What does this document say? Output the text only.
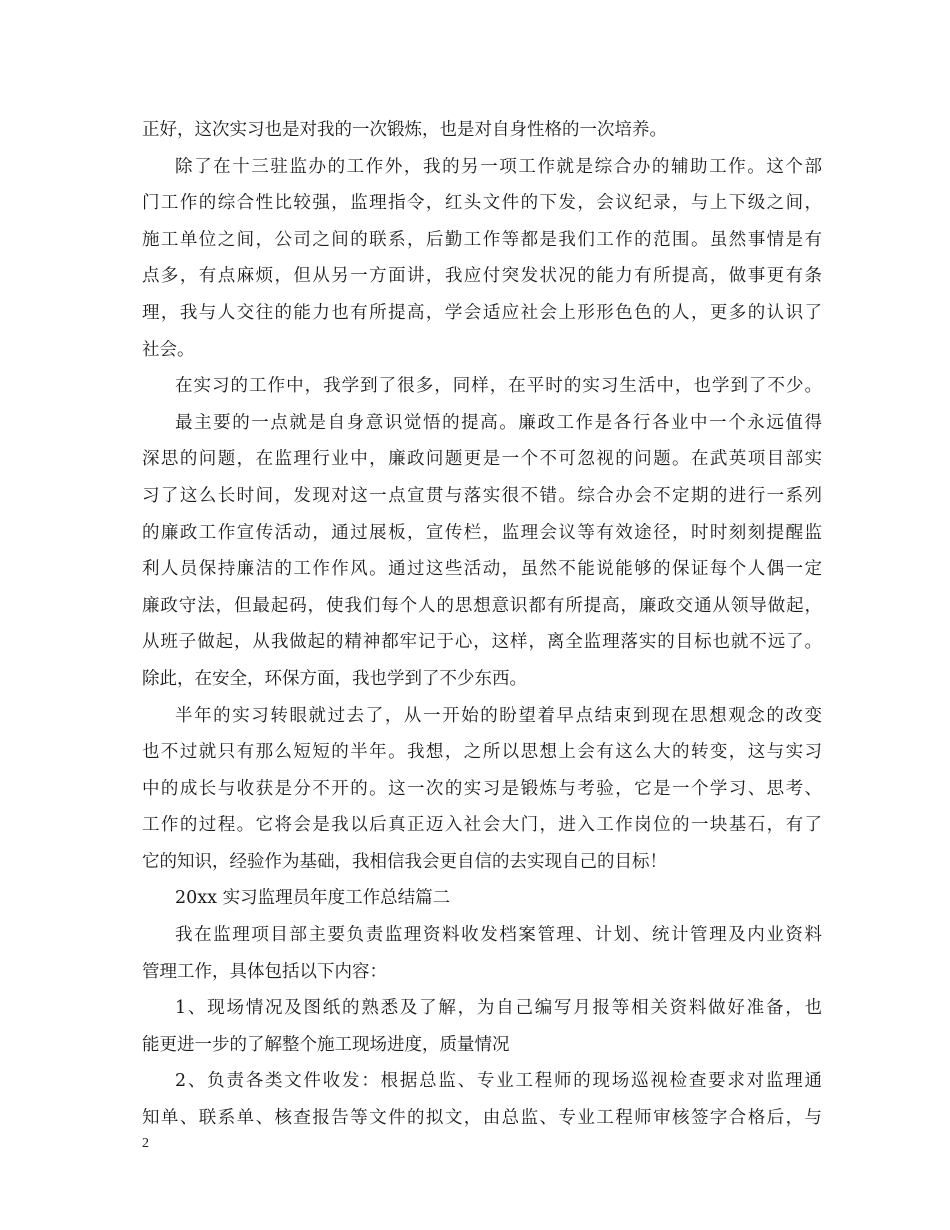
正好，这次实习也是对我的一次锻炼，也是对自身性格的一次培养。
除了在十三驻监办的工作外，我的另一项工作就是综合办的辅助工作。这个部
门工作的综合性比较强，监理指令，红头文件的下发，会议纪录，与上下级之间，
施工单位之间，公司之间的联系，后勤工作等都是我们工作的范围。虽然事情是有
点多，有点麻烦，但从另一方面讲，我应付突发状况的能力有所提高，做事更有条
理，我与人交往的能力也有所提高，学会适应社会上形形色色的人，更多的认识了
社会。
在实习的工作中，我学到了很多，同样，在平时的实习生活中，也学到了不少。
最主要的一点就是自身意识觉悟的提高。廉政工作是各行各业中一个永远值得
深思的问题，在监理行业中，廉政问题更是一个不可忽视的问题。在武英项目部实
习了这么长时间，发现对这一点宣贯与落实很不错。综合办会不定期的进行一系列
的廉政工作宣传活动，通过展板，宣传栏，监理会议等有效途径，时时刻刻提醒监
利人员保持廉洁的工作作风。通过这些活动，虽然不能说能够的保证每个人偶一定
廉政守法，但最起码，使我们每个人的思想意识都有所提高，廉政交通从领导做起，
从班子做起，从我做起的精神都牢记于心，这样，离全监理落实的目标也就不远了。
除此，在安全，环保方面，我也学到了不少东西。
半年的实习转眼就过去了，从一开始的盼望着早点结束到现在思想观念的改变
也不过就只有那么短短的半年。我想，之所以思想上会有这么大的转变，这与实习
中的成长与收获是分不开的。这一次的实习是锻炼与考验，它是一个学习、思考、
工作的过程。它将会是我以后真正迈入社会大门，进入工作岗位的一块基石，有了
它的知识，经验作为基础，我相信我会更自信的去实现自己的目标！
20xx 实习监理员年度工作总结篇二
我在监理项目部主要负责监理资料收发档案管理、计划、统计管理及内业资料
管理工作，具体包括以下内容：
1、现场情况及图纸的熟悉及了解，为自己编写月报等相关资料做好准备，也
能更进一步的了解整个施工现场进度，质量情况
2、负责各类文件收发：根据总监、专业工程师的现场巡视检查要求对监理通
知单、联系单、核查报告等文件的拟文，由总监、专业工程师审核签字合格后，与
2
